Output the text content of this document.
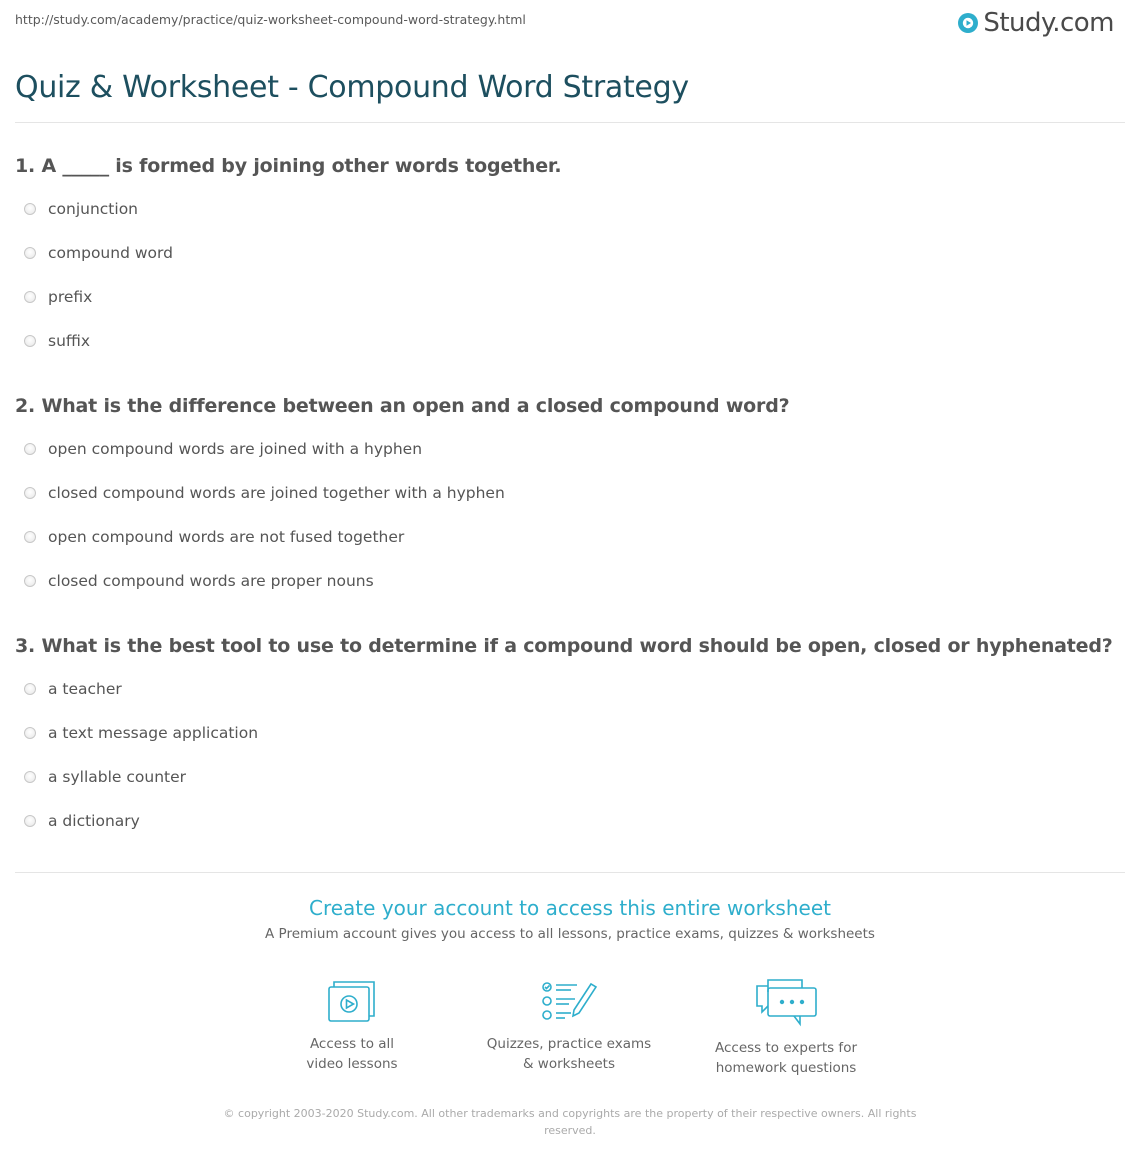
http://study.com/academy/practice/quiz-worksheet-compound-word-strategy.html	Study.com
Quiz & Worksheet - Compound Word Strategy

1. A _____ is formed by joining other words together.

conjunction
compound word
prefix
suffix

2. What is the difference between an open and a closed compound word?

open compound words are joined with a hyphen
closed compound words are joined together with a hyphen
open compound words are not fused together
closed compound words are proper nouns

3. What is the best tool to use to determine if a compound word should be open, closed or hyphenated?

a teacher
a text message application
a syllable counter
a dictionary
Create your account to access this entire worksheet
A Premium account gives you access to all lessons, practice exams, quizzes & worksheets
Access to all
video lessons
Quizzes, practice exams
& worksheets
Access to experts for
homework questions
© copyright 2003-2020 Study.com. All other trademarks and copyrights are the property of their respective owners. All rights
reserved.
